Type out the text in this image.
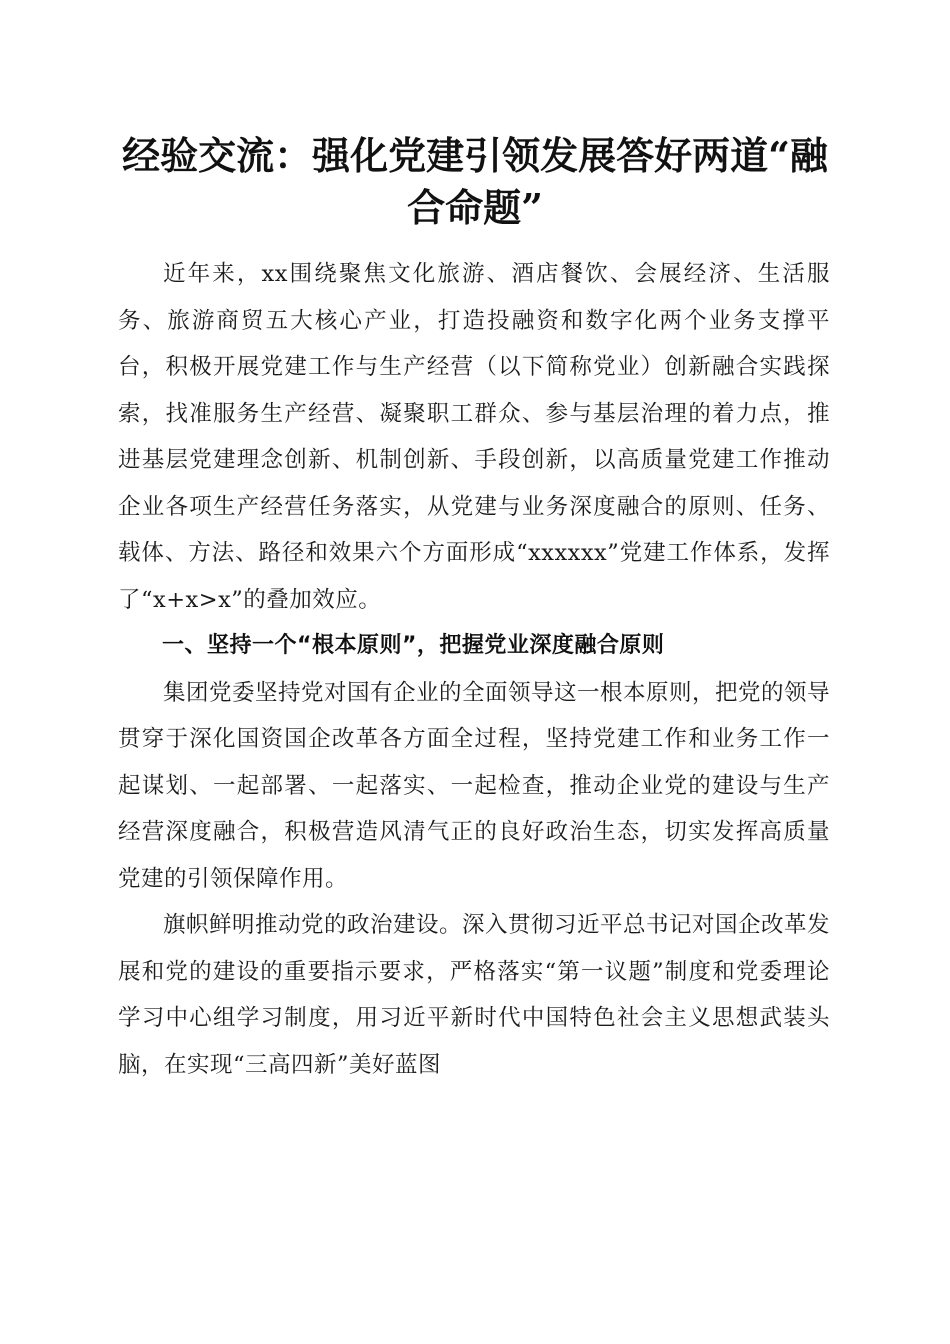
经验交流：强化党建引领发展答好两道“融合命题”

近年来，xx围绕聚焦文化旅游、酒店餐饮、会展经济、生活服务、旅游商贸五大核心产业，打造投融资和数字化两个业务支撑平台，积极开展党建工作与生产经营（以下简称党业）创新融合实践探索，找准服务生产经营、凝聚职工群众、参与基层治理的着力点，推进基层党建理念创新、机制创新、手段创新，以高质量党建工作推动企业各项生产经营任务落实，从党建与业务深度融合的原则、任务、载体、方法、路径和效果六个方面形成“xxxxxx”党建工作体系，发挥了“x+x>x”的叠加效应。

一、坚持一个“根本原则”，把握党业深度融合原则

集团党委坚持党对国有企业的全面领导这一根本原则，把党的领导贯穿于深化国资国企改革各方面全过程，坚持党建工作和业务工作一起谋划、一起部署、一起落实、一起检查，推动企业党的建设与生产经营深度融合，积极营造风清气正的良好政治生态，切实发挥高质量党建的引领保障作用。

旗帜鲜明推动党的政治建设。深入贯彻习近平总书记对国企改革发展和党的建设的重要指示要求，严格落实“第一议题”制度和党委理论学习中心组学习制度，用习近平新时代中国特色社会主义思想武装头脑，在实现“三高四新”美好蓝图
